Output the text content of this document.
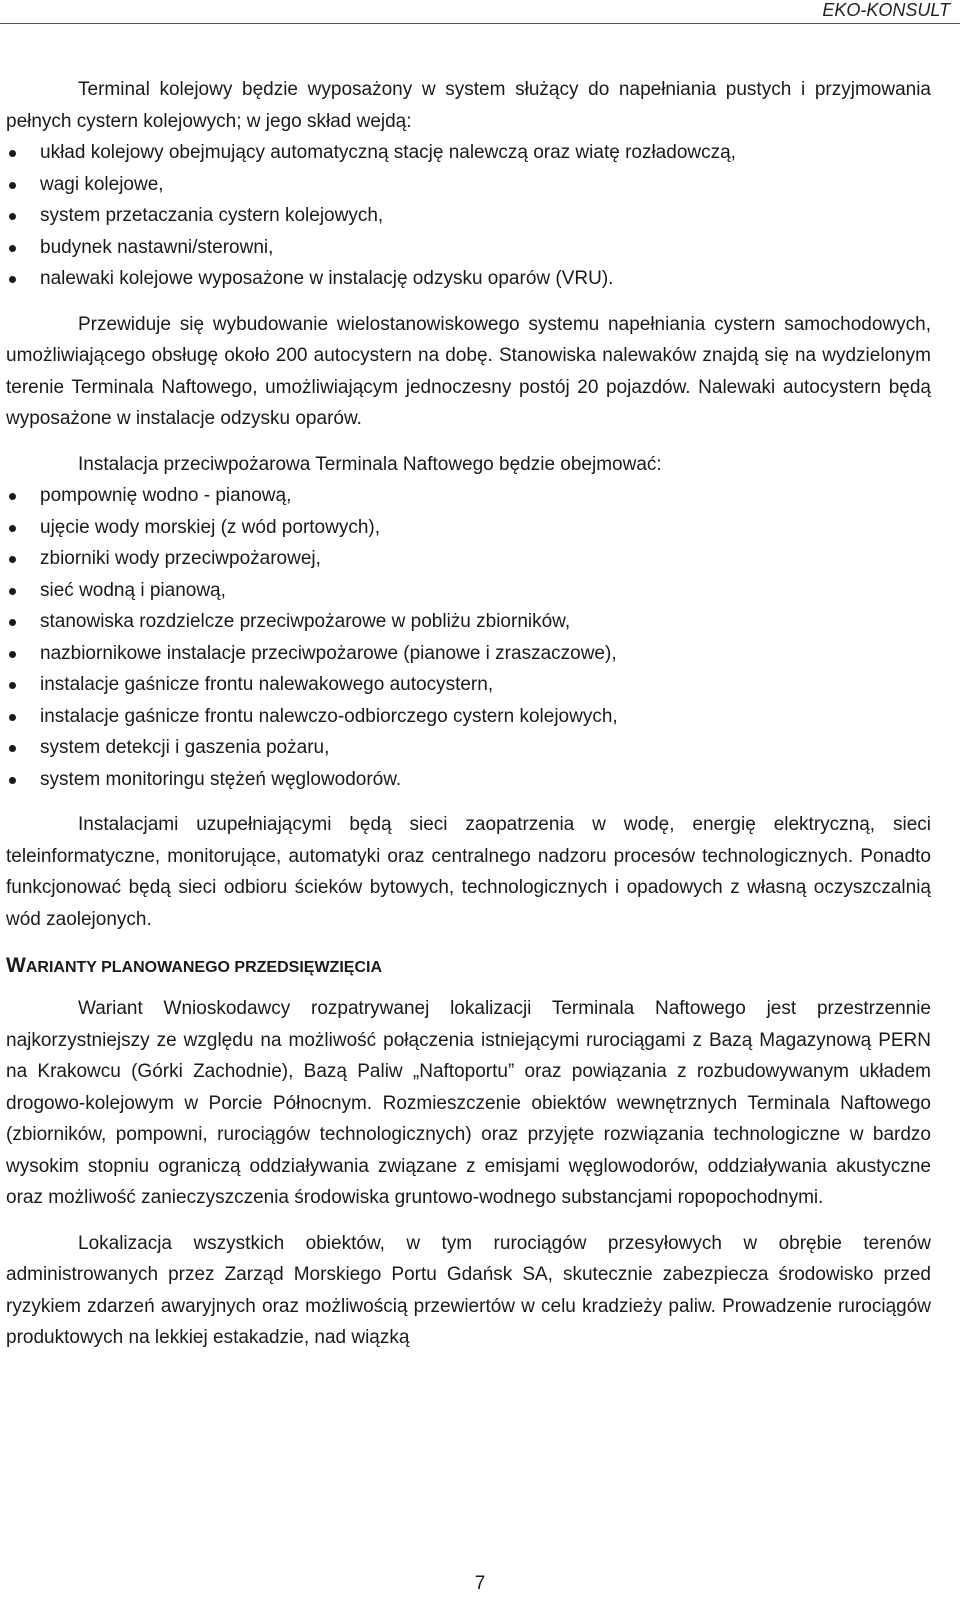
EKO-KONSULT

Terminal kolejowy będzie wyposażony w system służący do napełniania pustych i przyjmowania pełnych cystern kolejowych; w jego skład wejdą:

układ kolejowy obejmujący automatyczną stację nalewczą oraz wiatę rozładowczą,
wagi kolejowe,
system przetaczania cystern kolejowych,
budynek nastawni/sterowni,
nalewaki kolejowe wyposażone w instalację odzysku oparów (VRU).

Przewiduje się wybudowanie wielostanowiskowego systemu napełniania cystern samochodowych, umożliwiającego obsługę około 200 autocystern na dobę. Stanowiska nalewaków znajdą się na wydzielonym terenie Terminala Naftowego, umożliwiającym jednoczesny postój 20 pojazdów. Nalewaki autocystern będą wyposażone w instalacje odzysku oparów.

Instalacja przeciwpożarowa Terminala Naftowego będzie obejmować:

pompownię wodno - pianową,
ujęcie wody morskiej (z wód portowych),
zbiorniki wody przeciwpożarowej,
sieć wodną i pianową,
stanowiska rozdzielcze przeciwpożarowe w pobliżu zbiorników,
nazbiornikowe instalacje przeciwpożarowe (pianowe i zraszaczowe),
instalacje gaśnicze frontu nalewakowego autocystern,
instalacje gaśnicze frontu nalewczo-odbiorczego cystern kolejowych,
system detekcji i gaszenia pożaru,
system monitoringu stężeń węglowodorów.

Instalacjami uzupełniającymi będą sieci zaopatrzenia w wodę, energię elektryczną, sieci teleinformatyczne, monitorujące, automatyki oraz centralnego nadzoru procesów technologicznych. Ponadto funkcjonować będą sieci odbioru ścieków bytowych, technologicznych i opadowych z własną oczyszczalnią wód zaolejonych.

WARIANTY PLANOWANEGO PRZEDSIĘWZIĘCIA

Wariant Wnioskodawcy rozpatrywanej lokalizacji Terminala Naftowego jest przestrzennie najkorzystniejszy ze względu na możliwość połączenia istniejącymi rurociągami z Bazą Magazynową PERN na Krakowcu (Górki Zachodnie), Bazą Paliw „Naftoportu” oraz powiązania z rozbudowywanym układem drogowo-kolejowym w Porcie Północnym. Rozmieszczenie obiektów wewnętrznych Terminala Naftowego (zbiorników, pompowni, rurociągów technologicznych) oraz przyjęte rozwiązania technologiczne w bardzo wysokim stopniu ograniczą oddziaływania związane z emisjami węglowodorów, oddziaływania akustyczne oraz możliwość zanieczyszczenia środowiska gruntowo-wodnego substancjami ropopochodnymi.

Lokalizacja wszystkich obiektów, w tym rurociągów przesyłowych w obrębie terenów administrowanych przez Zarząd Morskiego Portu Gdańsk SA, skutecznie zabezpiecza środowisko przed ryzykiem zdarzeń awaryjnych oraz możliwością przewiertów w celu kradzieży paliw. Prowadzenie rurociągów produktowych na lekkiej estakadzie, nad wiązką

7
